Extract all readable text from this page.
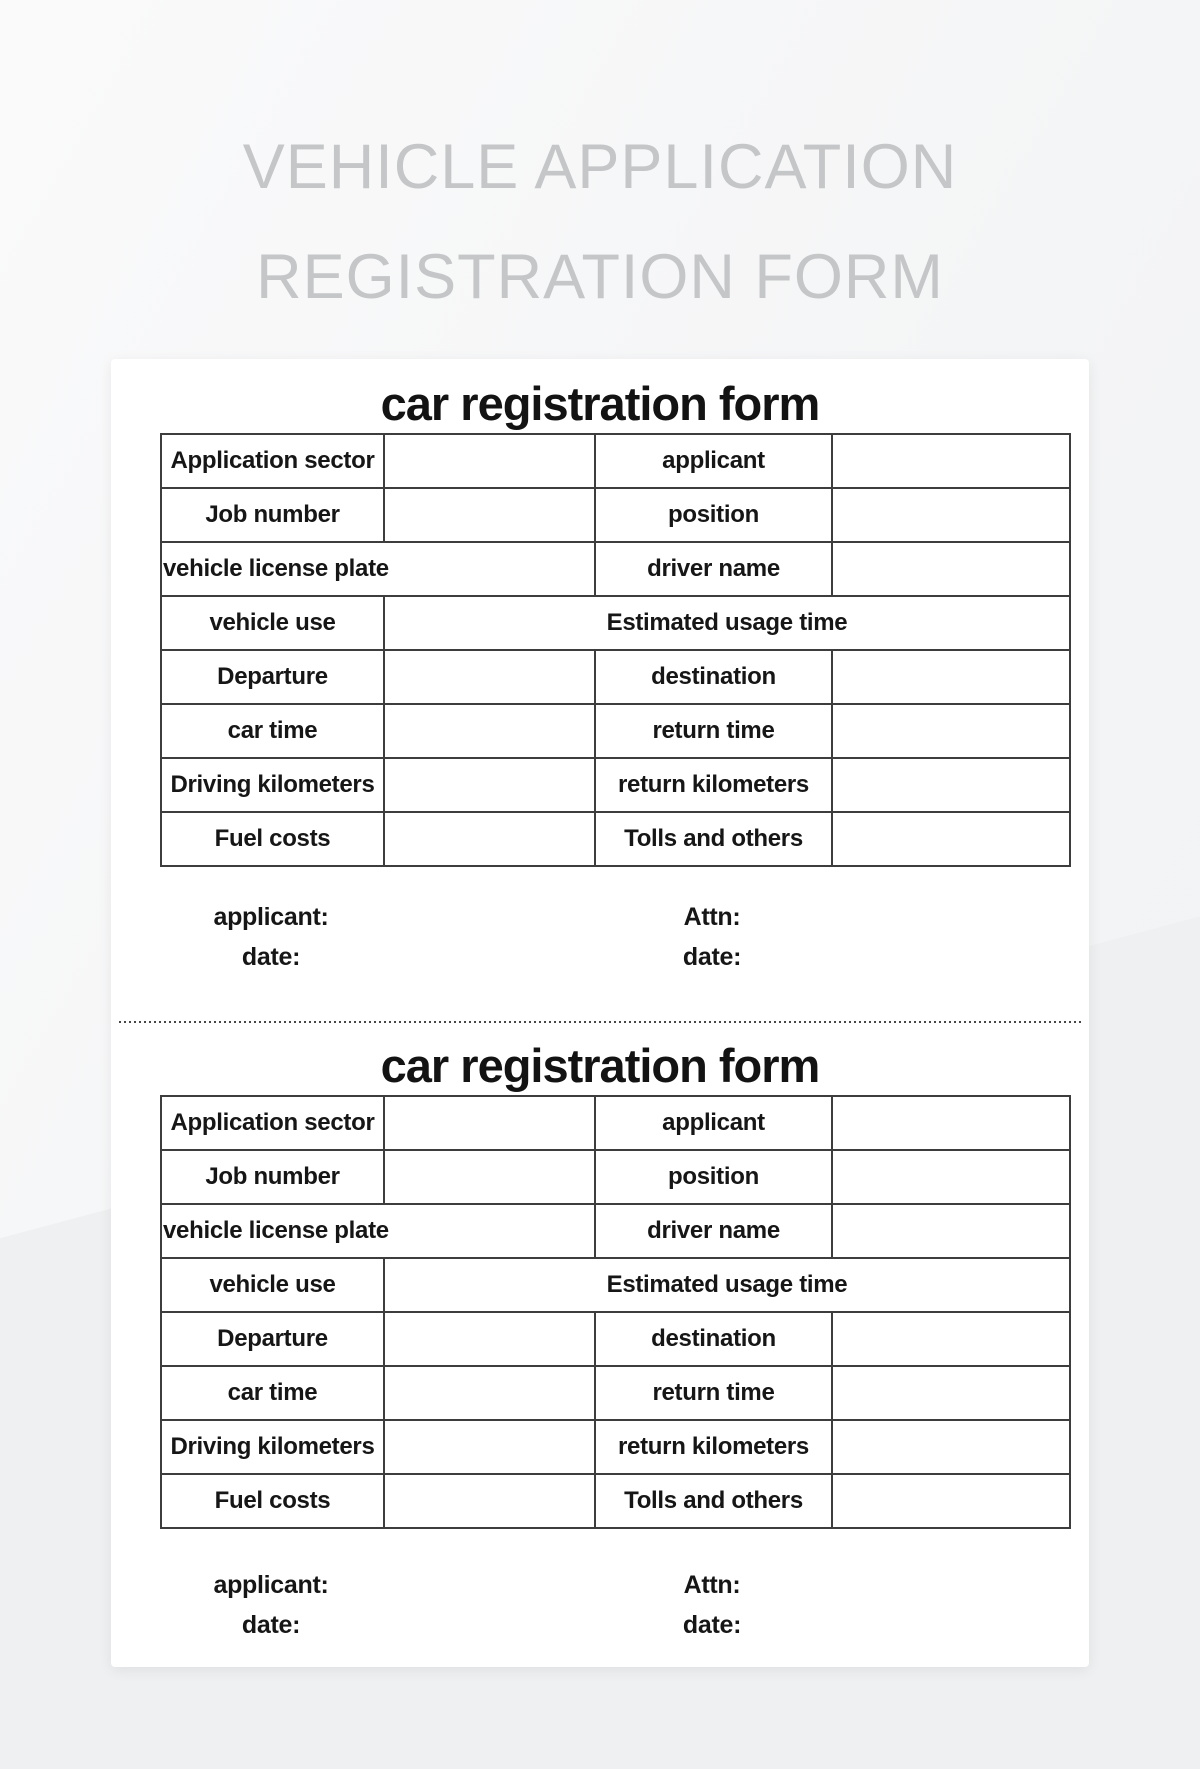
VEHICLE APPLICATION
REGISTRATION FORM
car registration form
Application sector		applicant	
Job number		position	
vehicle license plate		driver name	
vehicle use	Estimated usage time		
Departure		destination	
car time		return time	
Driving kilometers		return kilometers	
Fuel costs		Tolls and others	
applicant:	Attn:
date:	date:
car registration form
Application sector		applicant	
Job number		position	
vehicle license plate		driver name	
vehicle use	Estimated usage time		
Departure		destination	
car time		return time	
Driving kilometers		return kilometers	
Fuel costs		Tolls and others	
applicant:	Attn:
date:	date:
